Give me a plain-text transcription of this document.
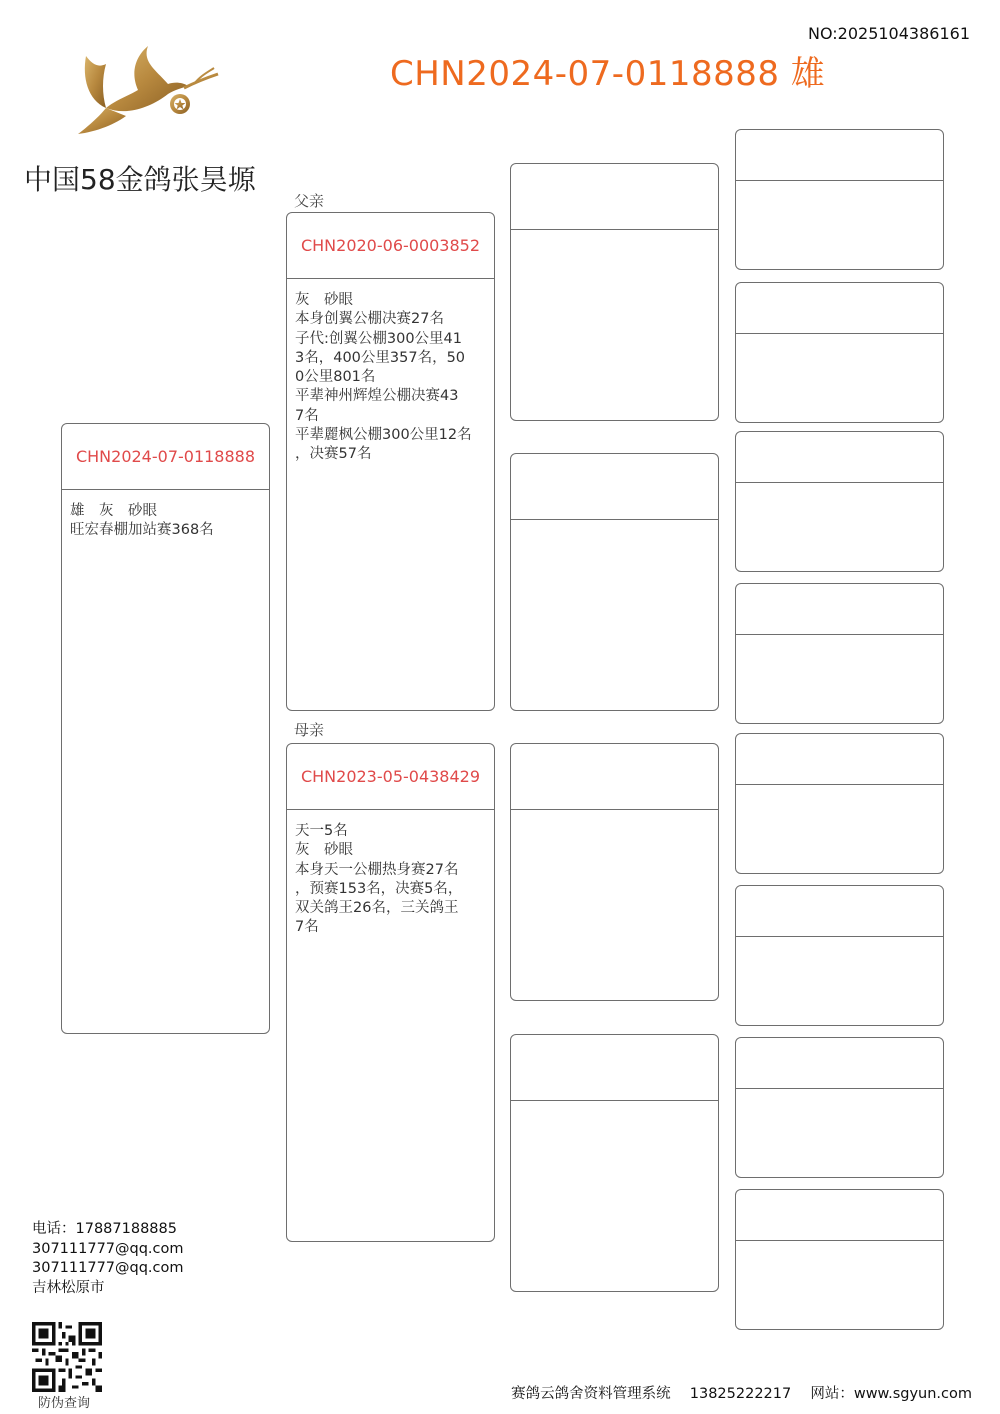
NO:2025104386161
CHN2024-07-0118888 雄
中国58金鸽张昊塬
CHN2024-07-0118888
雄　灰　砂眼
旺宏春棚加站赛368名
父亲
CHN2020-06-0003852
灰　砂眼
本身创翼公棚决赛27名
子代:创翼公棚300公里41
3名，400公里357名，50
0公里801名
平辈神州辉煌公棚决赛43
7名
平辈麗枫公棚300公里12名
，决赛57名
母亲
CHN2023-05-0438429
天一5名
灰　砂眼
本身天一公棚热身赛27名
，预赛153名，决赛5名，
双关鸽王26名，三关鸽王
7名
电话：17887188885
307111777@qq.com
307111777@qq.com
吉林松原市
防伪查询
赛鸽云鸽舍资料管理系统　 13825222217　 网站：www.sgyun.com
